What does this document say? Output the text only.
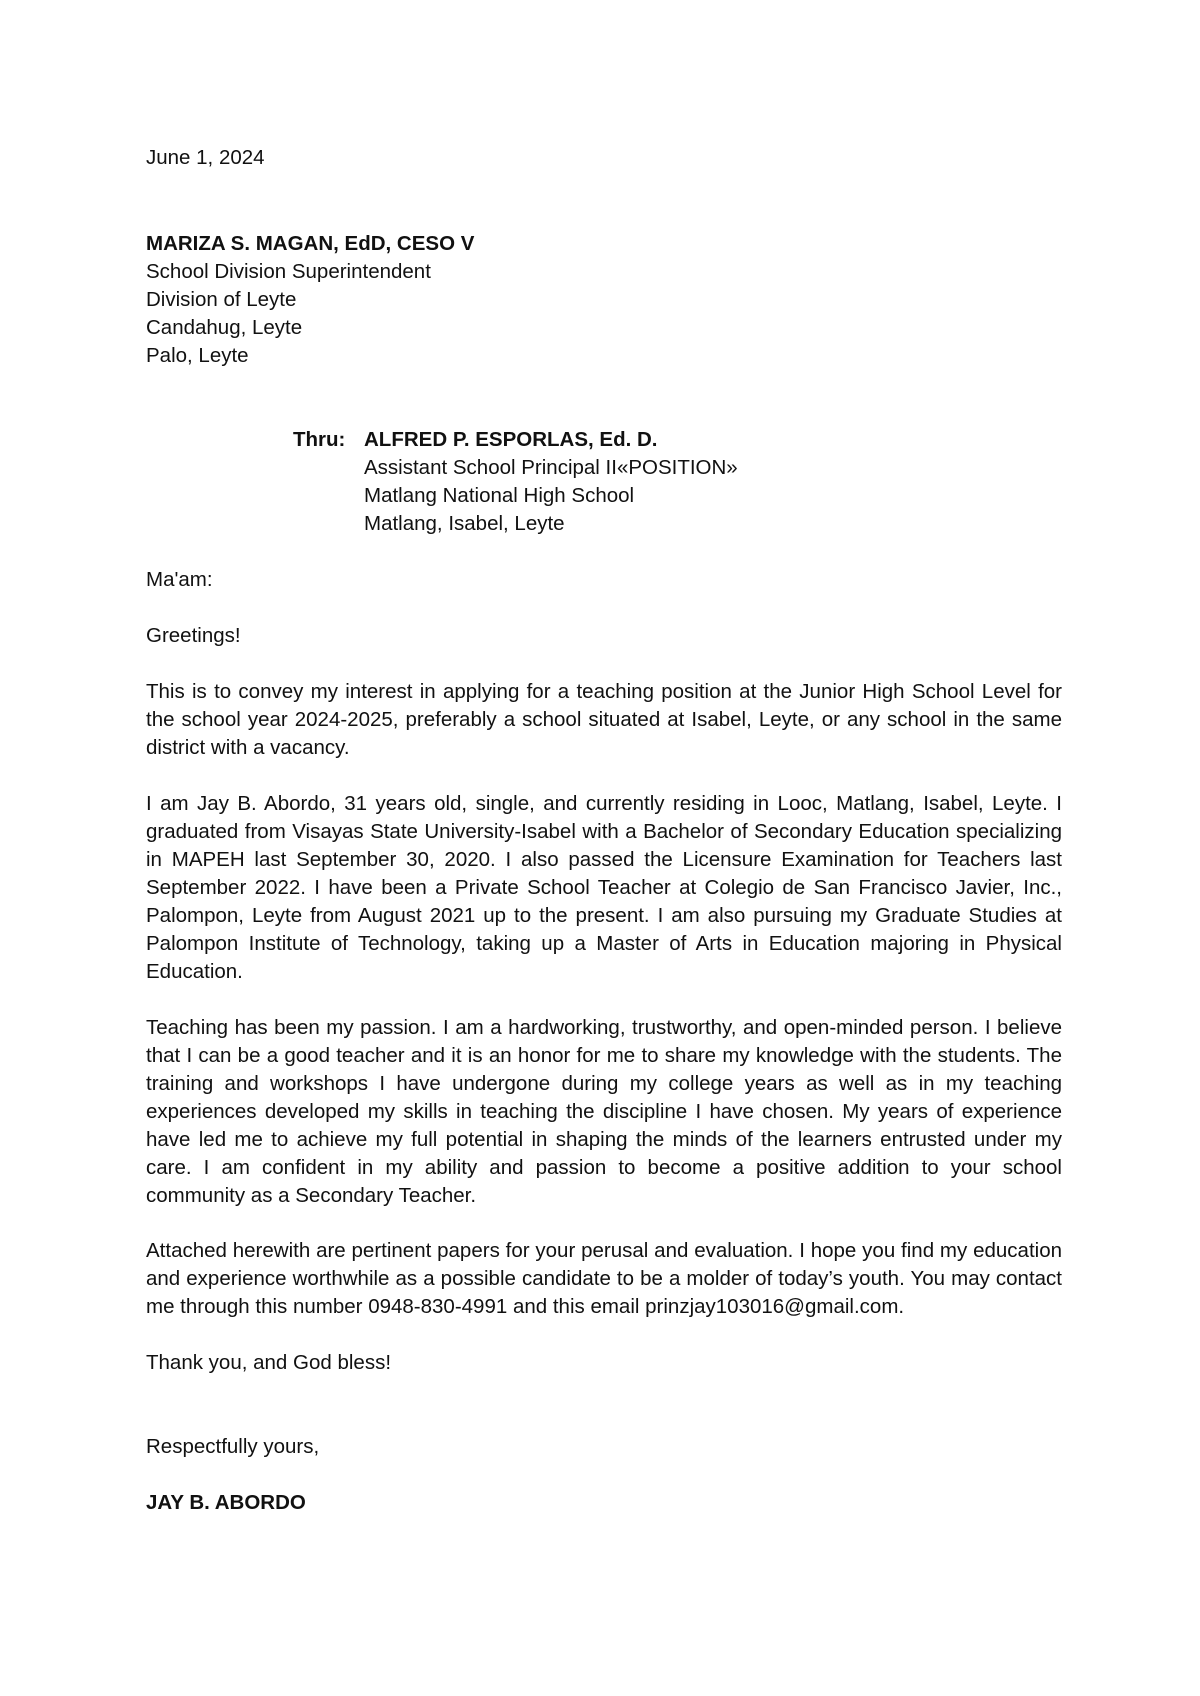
June 1, 2024

MARIZA S. MAGAN, EdD, CESO V
School Division Superintendent
Division of Leyte
Candahug, Leyte
Palo, Leyte
Thru: ALFRED P. ESPORLAS, Ed. D.
Assistant School Principal II«POSITION»
Matlang National High School
Matlang, Isabel, Leyte

Ma'am:

Greetings!

This is to convey my interest in applying for a teaching position at the Junior High School Level for the school year 2024-2025, preferably a school situated at Isabel, Leyte, or any school in the same district with a vacancy.

I am Jay B. Abordo, 31 years old, single, and currently residing in Looc, Matlang, Isabel, Leyte. I graduated from Visayas State University-Isabel with a Bachelor of Secondary Education specializing in MAPEH last September 30, 2020. I also passed the Licensure Examination for Teachers last September 2022. I have been a Private School Teacher at Colegio de San Francisco Javier, Inc., Palompon, Leyte from August 2021 up to the present. I am also pursuing my Graduate Studies at Palompon Institute of Technology, taking up a Master of Arts in Education majoring in Physical Education.

Teaching has been my passion. I am a hardworking, trustworthy, and open-minded person. I believe that I can be a good teacher and it is an honor for me to share my knowledge with the students. The training and workshops I have undergone during my college years as well as in my teaching experiences developed my skills in teaching the discipline I have chosen. My years of experience have led me to achieve my full potential in shaping the minds of the learners entrusted under my care. I am confident in my ability and passion to become a positive addition to your school community as a Secondary Teacher.

Attached herewith are pertinent papers for your perusal and evaluation. I hope you find my education and experience worthwhile as a possible candidate to be a molder of today’s youth. You may contact me through this number 0948-830-4991 and this email prinzjay103016@gmail.com.

Thank you, and God bless!

Respectfully yours,

JAY B. ABORDO
